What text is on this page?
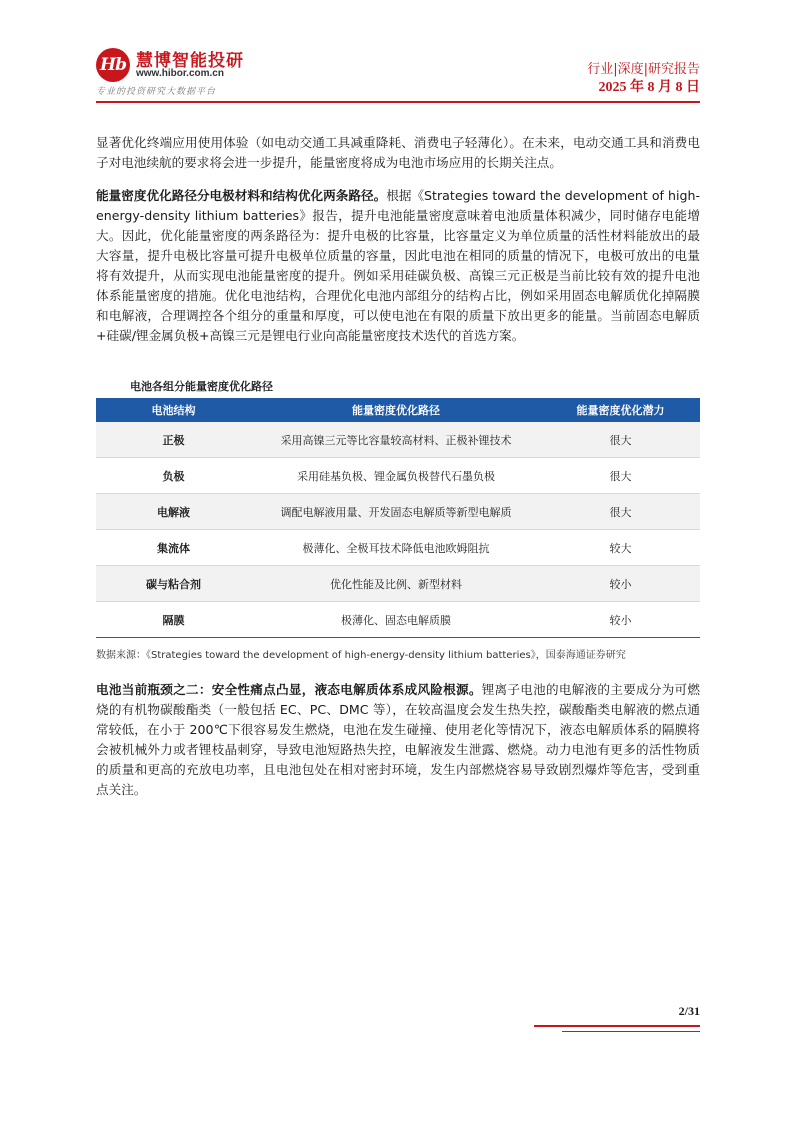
Hb 慧博智能投研
www.hibor.com.cn
专业的投资研究大数据平台
行业|深度|研究报告
2025 年 8 月 8 日

显著优化终端应用使用体验（如电动交通工具减重降耗、消费电子轻薄化）。在未来，电动交通工具和消费电子对电池续航的要求将会进一步提升，能量密度将成为电池市场应用的长期关注点。

能量密度优化路径分电极材料和结构优化两条路径。根据《Strategies toward the development of high-energy-density lithium batteries》报告，提升电池能量密度意味着电池质量体积减少，同时储存电能增大。因此，优化能量密度的两条路径为：提升电极的比容量，比容量定义为单位质量的活性材料能放出的最大容量，提升电极比容量可提升电极单位质量的容量，因此电池在相同的质量的情况下，电极可放出的电量将有效提升，从而实现电池能量密度的提升。例如采用硅碳负极、高镍三元正极是当前比较有效的提升电池体系能量密度的措施。优化电池结构，合理优化电池内部组分的结构占比，例如采用固态电解质优化掉隔膜和电解液，合理调控各个组分的重量和厚度，可以使电池在有限的质量下放出更多的能量。当前固态电解质+硅碳/锂金属负极+高镍三元是锂电行业向高能量密度技术迭代的首选方案。

电池各组分能量密度优化路径
电池结构	能量密度优化路径	能量密度优化潜力
正极	采用高镍三元等比容量较高材料、正极补锂技术	很大
负极	采用硅基负极、锂金属负极替代石墨负极	很大
电解液	调配电解液用量、开发固态电解质等新型电解质	很大
集流体	极薄化、全极耳技术降低电池欧姆阻抗	较大
碳与粘合剂	优化性能及比例、新型材料	较小
隔膜	极薄化、固态电解质膜	较小
数据来源：《Strategies toward the development of high-energy-density lithium batteries》，国泰海通证券研究

电池当前瓶颈之二：安全性痛点凸显，液态电解质体系成风险根源。锂离子电池的电解液的主要成分为可燃烧的有机物碳酸酯类（一般包括 EC、PC、DMC 等），在较高温度会发生热失控，碳酸酯类电解液的燃点通常较低，在小于 200℃下很容易发生燃烧，电池在发生碰撞、使用老化等情况下，液态电解质体系的隔膜将会被机械外力或者锂枝晶刺穿，导致电池短路热失控，电解液发生泄露、燃烧。动力电池有更多的活性物质的质量和更高的充放电功率，且电池包处在相对密封环境，发生内部燃烧容易导致剧烈爆炸等危害，受到重点关注。

2/31
